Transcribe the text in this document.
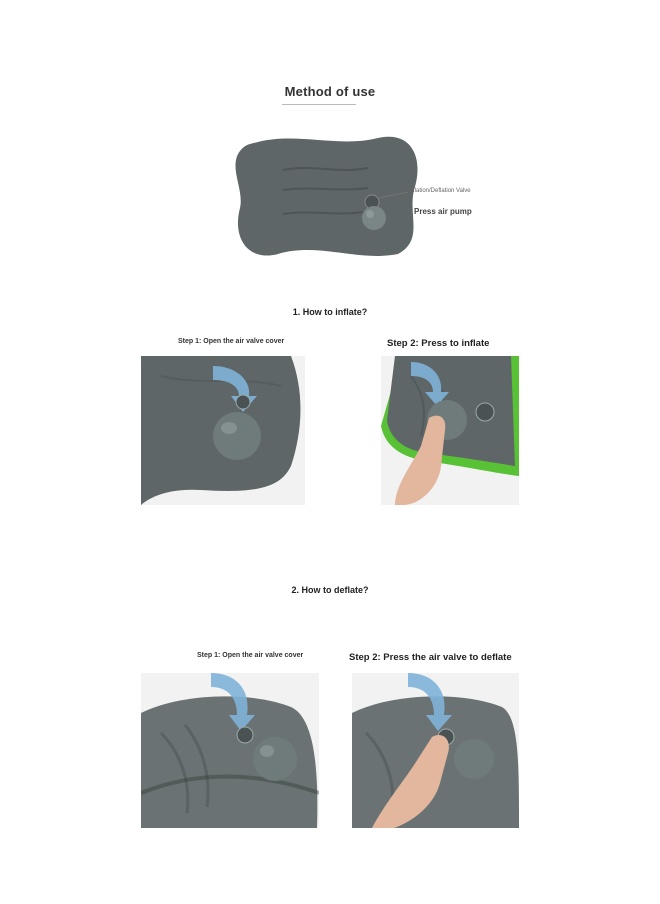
Method of use
Inflation/Deflation Valve
Press air pump
1. How to inflate?
Step 1: Open the air valve cover	Step 2: Press to inflate
2. How to deflate?
Step 1: Open the air valve cover	Step 2: Press the air valve to deflate
